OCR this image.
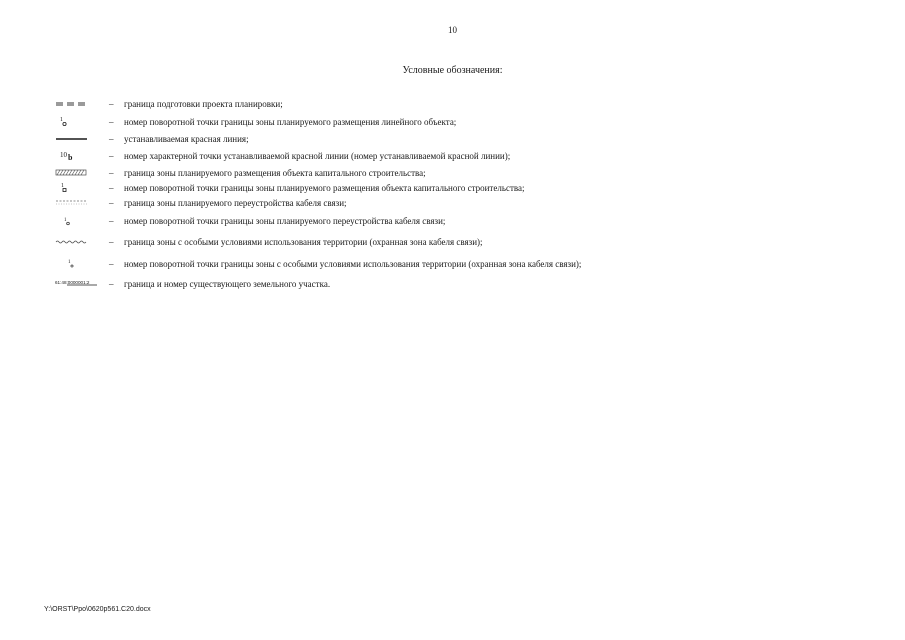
10
Условные обозначения:
– граница подготовки проекта планировки;
1	– номер поворотной точки границы зоны планируемого размещения линейного объекта;
– устанавливаемая красная линия;
10 b	– номер характерной точки устанавливаемой красной линии (номер устанавливаемой красной линии);
– граница зоны планируемого размещения объекта капитального строительства;
1	– номер поворотной точки границы зоны планируемого размещения объекта капитального строительства;
– граница зоны планируемого переустройства кабеля связи;
1	– номер поворотной точки границы зоны планируемого переустройства кабеля связи;
– граница зоны с особыми условиями использования территории (охранная зона кабеля связи);
1	– номер поворотной точки границы зоны с особыми условиями использования территории (охранная зона кабеля связи);
61:48:0000001:2 – граница и номер существующего земельного участка.
Y:\ORST\Ppo\0620p561.C20.docx
